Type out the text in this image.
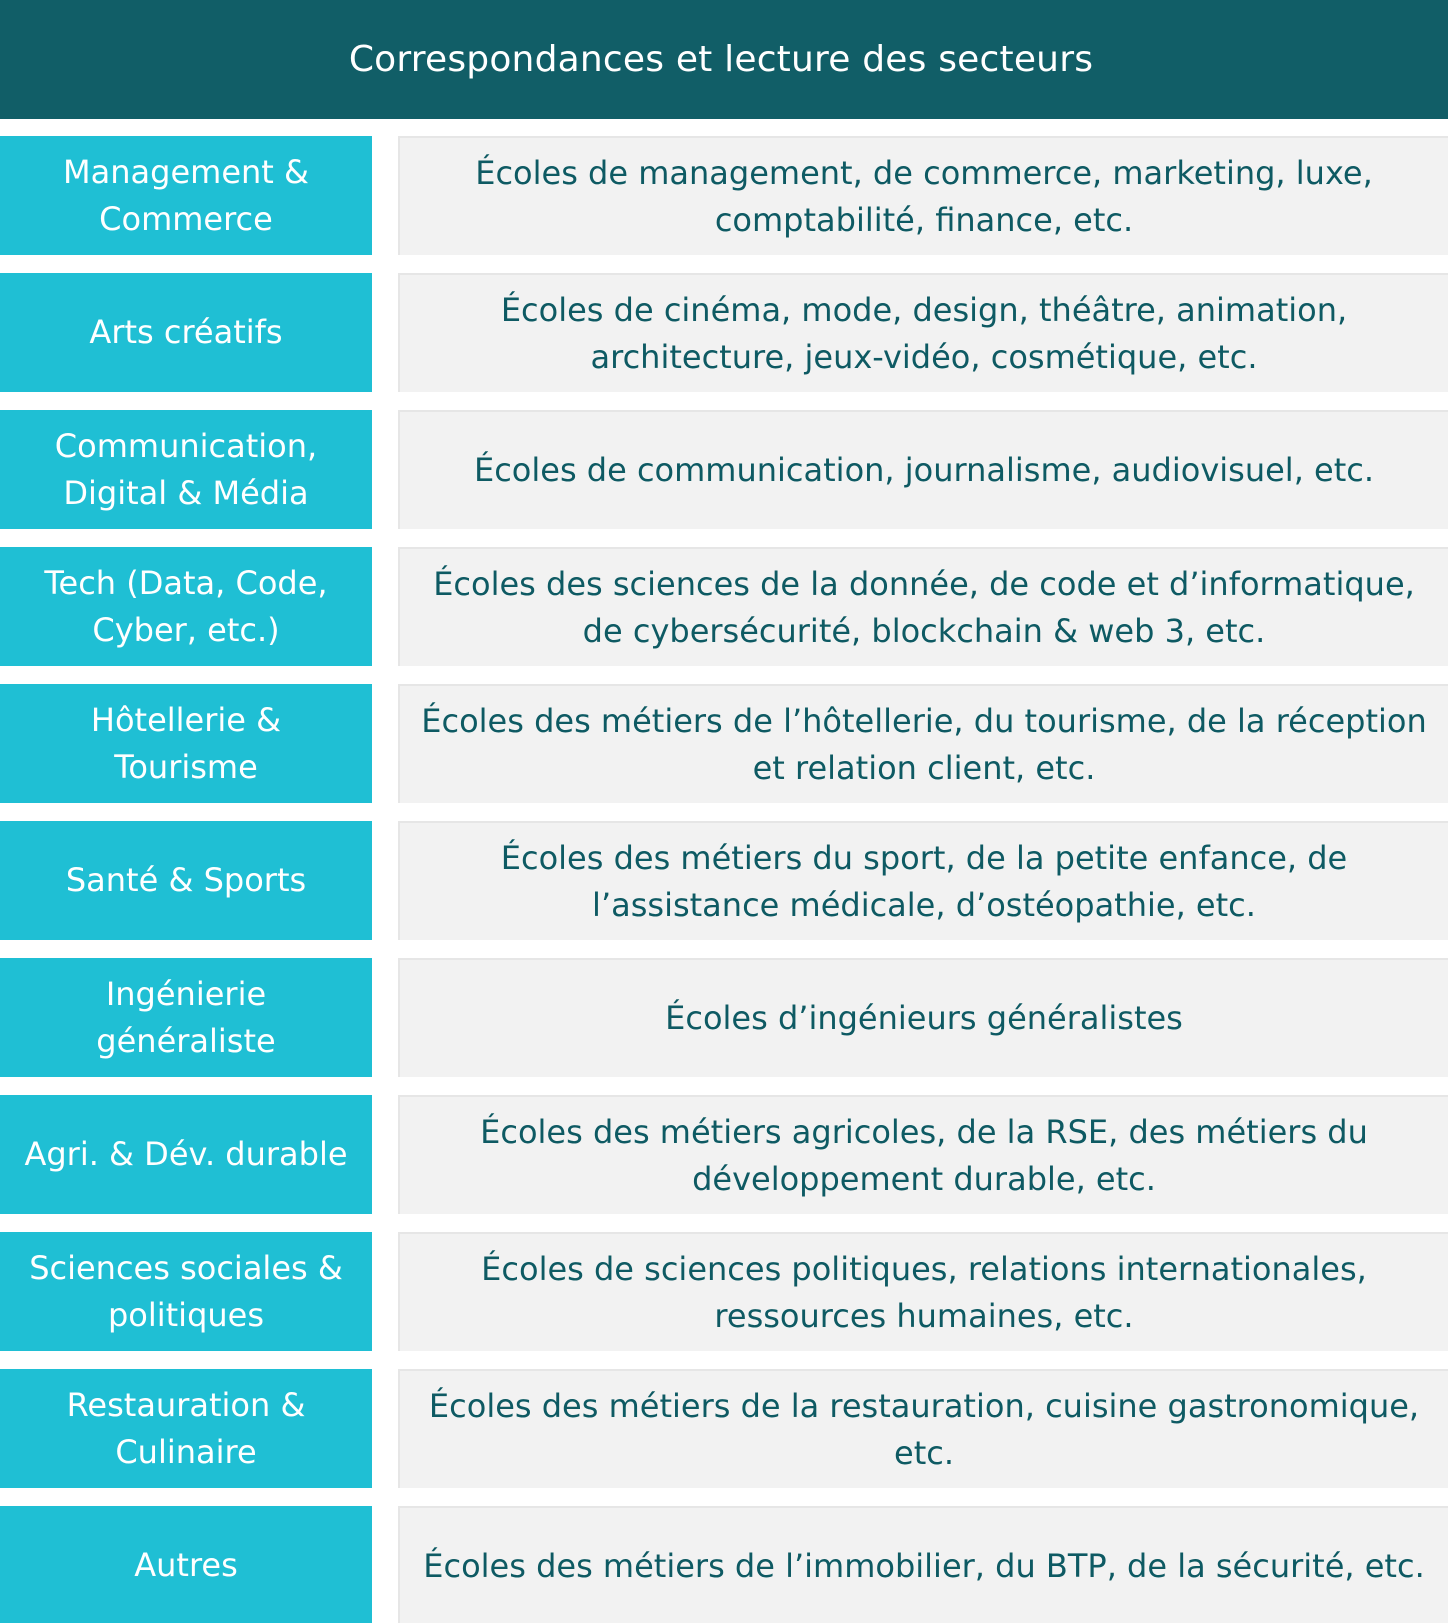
Correspondances et lecture des secteurs
Management &
Commerce
Écoles de management, de commerce, marketing, luxe,
comptabilité, finance, etc.
Arts créatifs
Écoles de cinéma, mode, design, théâtre, animation,
architecture, jeux-vidéo, cosmétique, etc.
Communication,
Digital & Média
Écoles de communication, journalisme, audiovisuel, etc.
Tech (Data, Code,
Cyber, etc.)
Écoles des sciences de la donnée, de code et d’informatique,
de cybersécurité, blockchain & web 3, etc.
Hôtellerie &
Tourisme
Écoles des métiers de l’hôtellerie, du tourisme, de la réception
et relation client, etc.
Santé & Sports
Écoles des métiers du sport, de la petite enfance, de
l’assistance médicale, d’ostéopathie, etc.
Ingénierie
généraliste
Écoles d’ingénieurs généralistes
Agri. & Dév. durable
Écoles des métiers agricoles, de la RSE, des métiers du
développement durable, etc.
Sciences sociales &
politiques
Écoles de sciences politiques, relations internationales,
ressources humaines, etc.
Restauration &
Culinaire
Écoles des métiers de la restauration, cuisine gastronomique,
etc.
Autres	Écoles des métiers de l’immobilier, du BTP, de la sécurité, etc.
